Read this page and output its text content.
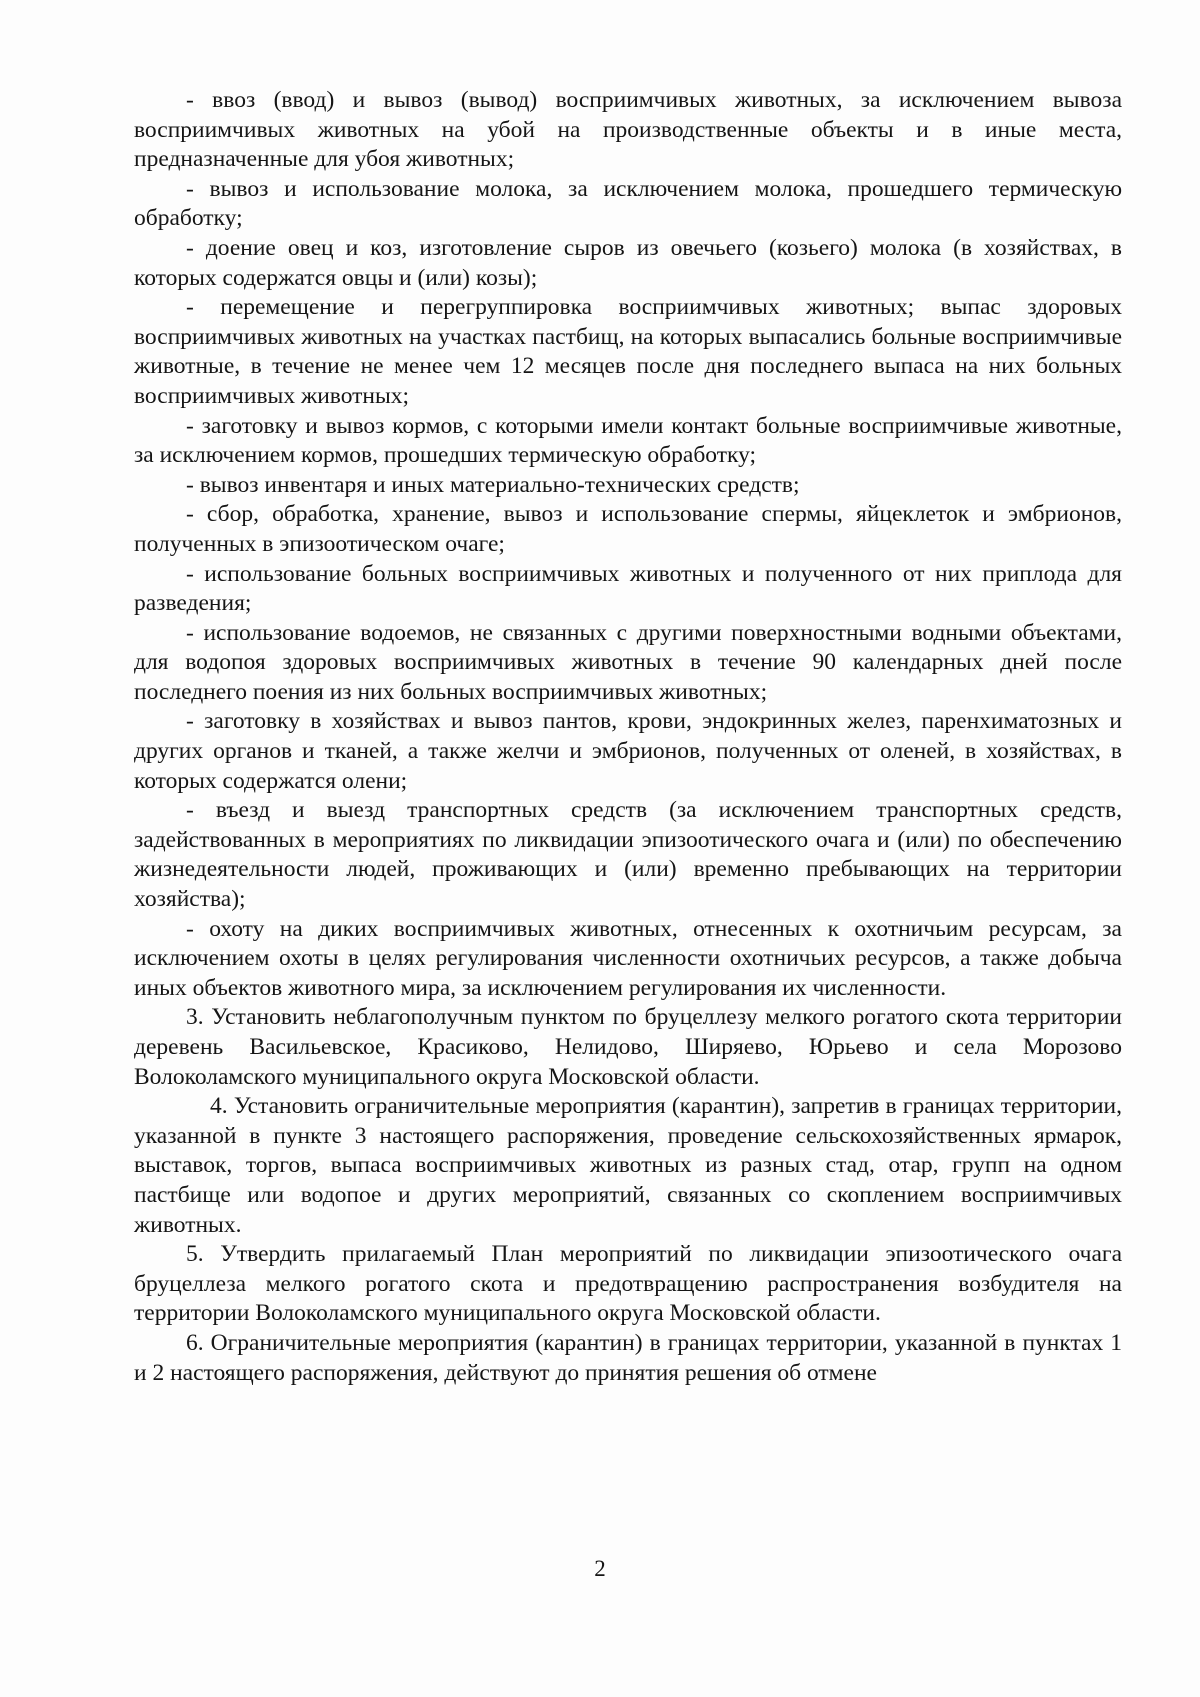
- ввоз (ввод) и вывоз (вывод) восприимчивых животных, за исключением вывоза восприимчивых животных на убой на производственные объекты и в иные места, предназначенные для убоя животных;

- вывоз и использование молока, за исключением молока, прошедшего термическую обработку;

- доение овец и коз, изготовление сыров из овечьего (козьего) молока (в хозяйствах, в которых содержатся овцы и (или) козы);

- перемещение и перегруппировка восприимчивых животных; выпас здоровых восприимчивых животных на участках пастбищ, на которых выпасались больные восприимчивые животные, в течение не менее чем 12 месяцев после дня последнего выпаса на них больных восприимчивых животных;

- заготовку и вывоз кормов, с которыми имели контакт больные восприимчивые животные, за исключением кормов, прошедших термическую обработку;

- вывоз инвентаря и иных материально-технических средств;

- сбор, обработка, хранение, вывоз и использование спермы, яйцеклеток и эмбрионов, полученных в эпизоотическом очаге;

- использование больных восприимчивых животных и полученного от них приплода для разведения;

- использование водоемов, не связанных с другими поверхностными водными объектами, для водопоя здоровых восприимчивых животных в течение 90 календарных дней после последнего поения из них больных восприимчивых животных;

- заготовку в хозяйствах и вывоз пантов, крови, эндокринных желез, паренхиматозных и других органов и тканей, а также желчи и эмбрионов, полученных от оленей, в хозяйствах, в которых содержатся олени;

- въезд и выезд транспортных средств (за исключением транспортных средств, задействованных в мероприятиях по ликвидации эпизоотического очага и (или) по обеспечению жизнедеятельности людей, проживающих и (или) временно пребывающих на территории хозяйства);

- охоту на диких восприимчивых животных, отнесенных к охотничьим ресурсам, за исключением охоты в целях регулирования численности охотничьих ресурсов, а также добыча иных объектов животного мира, за исключением регулирования их численности.

3. Установить неблагополучным пунктом по бруцеллезу мелкого рогатого скота территории деревень Васильевское, Красиково, Нелидово, Ширяево, Юрьево и села Морозово Волоколамского муниципального округа Московской области.

4. Установить ограничительные мероприятия (карантин), запретив в границах территории, указанной в пункте 3 настоящего распоряжения, проведение сельскохозяйственных ярмарок, выставок, торгов, выпаса восприимчивых животных из разных стад, отар, групп на одном пастбище или водопое и других мероприятий, связанных со скоплением восприимчивых животных.

5. Утвердить прилагаемый План мероприятий по ликвидации эпизоотического очага бруцеллеза мелкого рогатого скота и предотвращению распространения возбудителя на территории Волоколамского муниципального округа Московской области.

6. Ограничительные мероприятия (карантин) в границах территории, указанной в пунктах 1 и 2 настоящего распоряжения, действуют до принятия решения об отмене

2
